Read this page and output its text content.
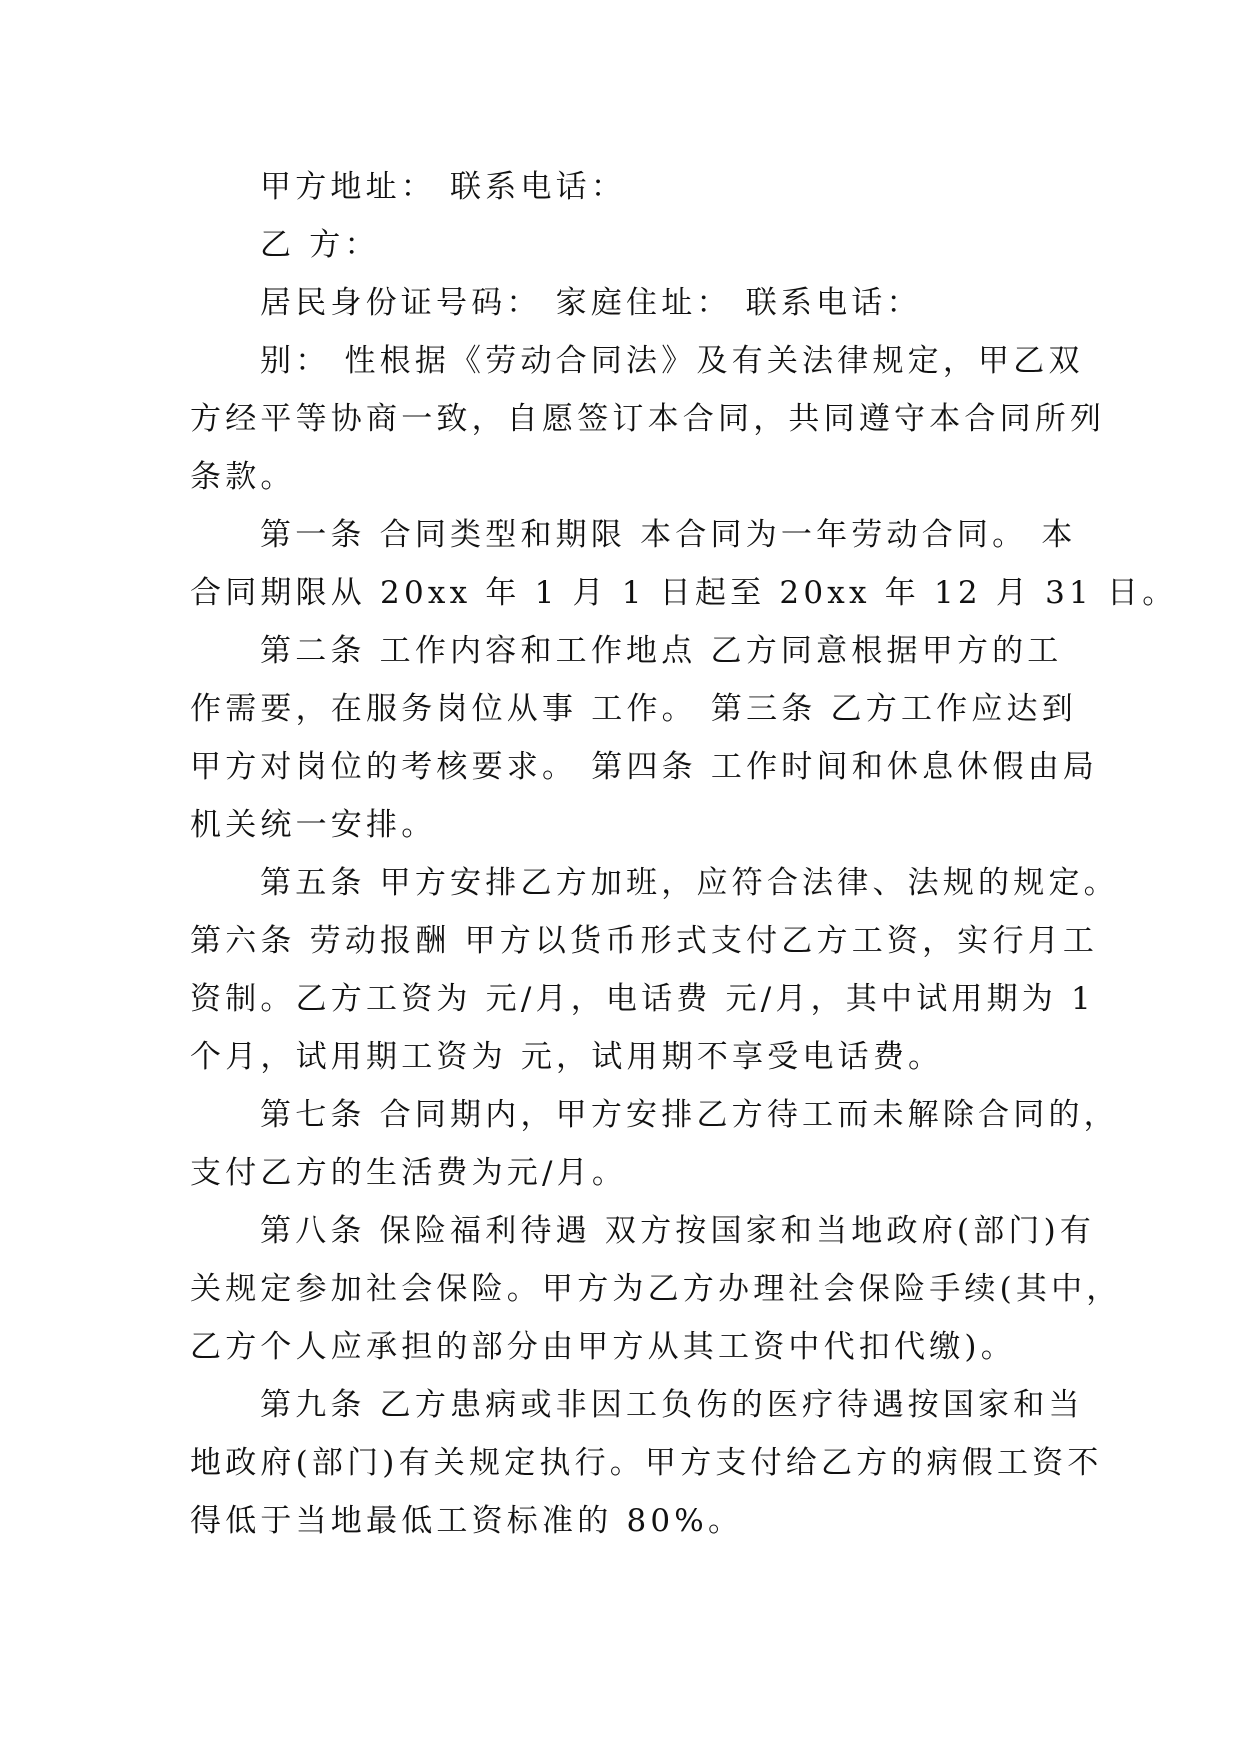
甲方地址： 联系电话：
乙 方：
居民身份证号码： 家庭住址： 联系电话：
别： 性根据《劳动合同法》及有关法律规定，甲乙双
方经平等协商一致，自愿签订本合同，共同遵守本合同所列
条款。
第一条 合同类型和期限 本合同为一年劳动合同。 本
合同期限从 20xx 年 1 月 1 日起至 20xx 年 12 月 31 日。
第二条 工作内容和工作地点 乙方同意根据甲方的工
作需要，在服务岗位从事 工作。 第三条 乙方工作应达到
甲方对岗位的考核要求。 第四条 工作时间和休息休假由局
机关统一安排。
第五条 甲方安排乙方加班，应符合法律、法规的规定。
第六条 劳动报酬 甲方以货币形式支付乙方工资，实行月工
资制。乙方工资为 元/月，电话费 元/月，其中试用期为 1
个月，试用期工资为 元，试用期不享受电话费。
第七条 合同期内，甲方安排乙方待工而未解除合同的，
支付乙方的生活费为元/月。
第八条 保险福利待遇 双方按国家和当地政府(部门)有
关规定参加社会保险。甲方为乙方办理社会保险手续(其中，
乙方个人应承担的部分由甲方从其工资中代扣代缴)。
第九条 乙方患病或非因工负伤的医疗待遇按国家和当
地政府(部门)有关规定执行。甲方支付给乙方的病假工资不
得低于当地最低工资标准的 80%。
